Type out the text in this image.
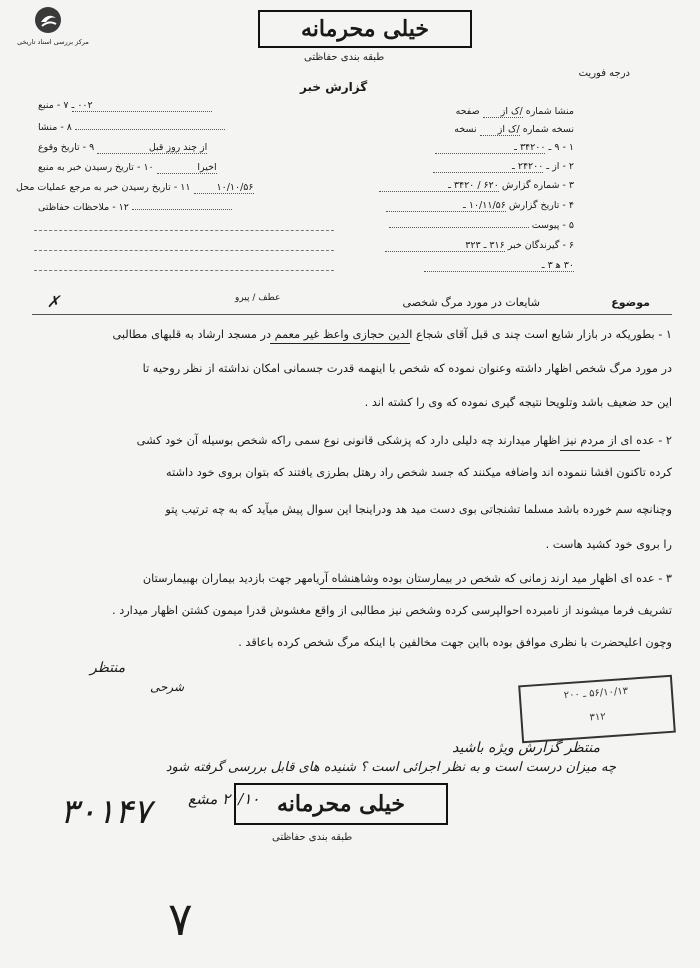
مرکز بررسی اسناد تاریخی	خیلی محرمانه
طبقه بندی حفاظتی
درجه فوریت
گزارش خبر
منشا شماره /ک از صفحه
نسخه شماره /ک از نسخه
۱ - ۹ ـ ۳۴۲۰۰ ـ
۲ - از ـ ۲۴۲۰۰ ـ
۳ - شماره گزارش ۶۲۰ / ۳۴۲۰ ـ
۴ - تاریخ گزارش ۱۰/۱۱/۵۶ ـ
۵ - پیوست
۶ - گیرندگان خبر ۳۱۶ ـ ۳۲۳
۳۰ ه‍ ۳ ـ
۰۰۲ ـ ۷ - منبع
۸ - منشا
از چند روز قبل ۹ - تاریخ وقوع
اخیرا ۱۰ - تاریخ رسیدن خبر به منبع
۱۰/۱۰/۵۶ ۱۱ - تاریخ رسیدن خبر به مرجع عملیات محل
۱۲ - ملاحظات حفاظتی
موضوع
شایعات در مورد مرگ شخصی
عطف / پیرو
✗
۱ - بطوریکه در بازار شایع است چند ی قبل آقای شجاع الدین حجازی واعظ غیر معمم در مسجد ارشاد به قلبهای مطالبی
در مورد مرگ شخص اظهار داشته وعنوان نموده که شخص با اینهمه قدرت جسمانی امکان نداشته از نظر روحیه تا
این حد ضعیف باشد وتلویحا نتیجه گیری نموده که وی را کشته اند .
۲ - عده ای از مردم نیز اظهار میدارند چه دلیلی دارد که پزشکی قانونی نوع سمی راکه شخص بوسیله آن خود کشی
کرده تاکنون افشا ننموده اند واضافه میکنند که جسد شخص راد رهتل بطرزی یافتند که بتوان بروی خود داشته
وچنانچه سم خورده باشد مسلما تشنجاتی بوی دست مید هد ودراینجا این سوال پیش میآید که به چه ترتیب پتو
را بروی خود کشید هاست .
۳ - عده ای اظهار مید ارند زمانی که شخص در بیمارستان بوده وشاهنشاه آریامهر جهت بازدید بیماران بهبیمارستان
تشریف فرما میشوند از نامبرده احوالپرسی کرده وشخص نیز مطالبی از واقع مغشوش قدرا میمون کشتن اظهار میدارد .
وچون اعلیحضرت با نظری موافق بوده بااین جهت مخالفین با اینکه مرگ شخص کرده باعاقد .
منتظر
شرحی
۵۶/۱۰/۱۳ ـ ۲۰۰
۳۱۲
منتظر گزارش ویژه باشید
چه میزان درست است و به نظر اجرائی است ؟ شنیده های قابل بررسی گرفته شود
خیلی محرمانه
طبقه بندی حفاظتی
۲۰/۱۰ مشع
۳۰۱۴۷
۷
